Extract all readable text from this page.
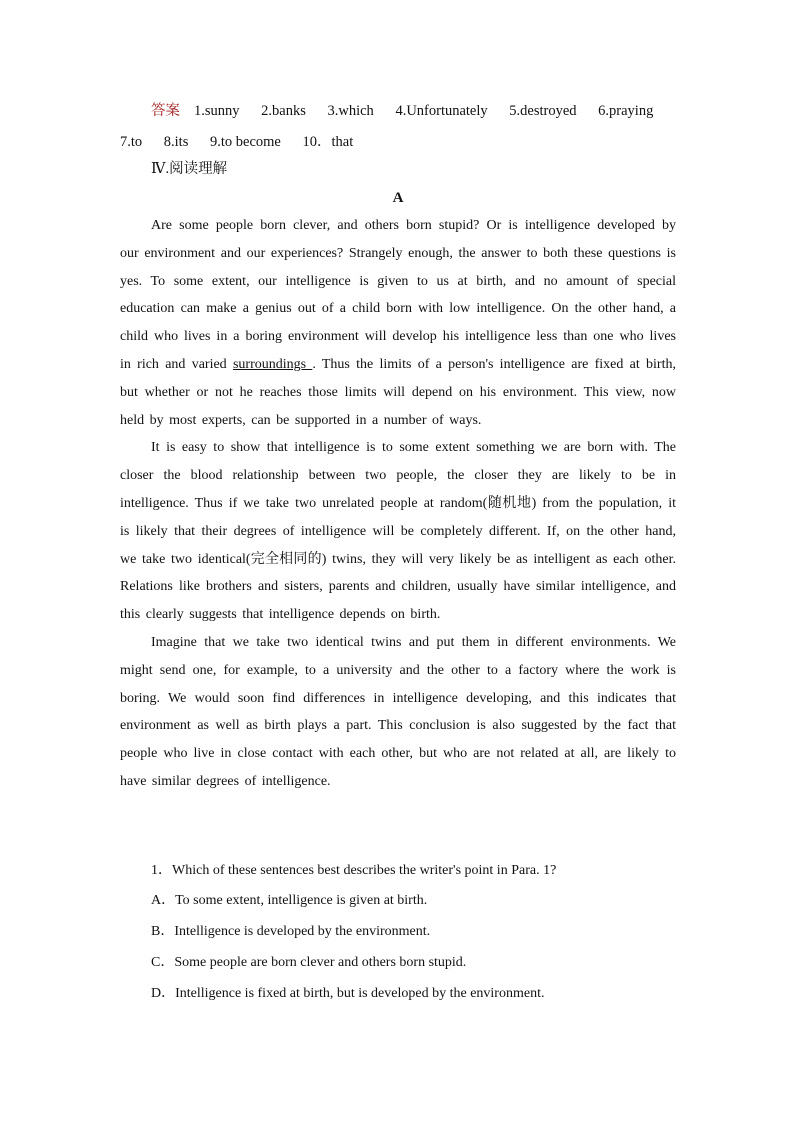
答案 1.sunny 2.banks 3.which 4.Unfortunately 5.destroyed 6.praying 7.to 8.its 9.to become 10．that
Ⅳ.阅读理解
A

Are some people born clever, and others born stupid? Or is intelligence developed by our environment and our experiences? Strangely enough, the answer to both these questions is yes. To some extent, our intelligence is given to us at birth, and no amount of special education can make a genius out of a child born with low intelligence. On the other hand, a child who lives in a boring environment will develop his intelligence less than one who lives in rich and varied surroundings . Thus the limits of a person's intelligence are fixed at birth, but whether or not he reaches those limits will depend on his environment. This view, now held by most experts, can be supported in a number of ways.

It is easy to show that intelligence is to some extent something we are born with. The closer the blood relationship between two people, the closer they are likely to be in intelligence. Thus if we take two unrelated people at random(随机地) from the population, it is likely that their degrees of intelligence will be completely different. If, on the other hand, we take two identical(完全相同的) twins, they will very likely be as intelligent as each other. Relations like brothers and sisters, parents and children, usually have similar intelligence, and this clearly suggests that intelligence depends on birth.

Imagine that we take two identical twins and put them in different environments. We might send one, for example, to a university and the other to a factory where the work is boring. We would soon find differences in intelligence developing, and this indicates that environment as well as birth plays a part. This conclusion is also suggested by the fact that people who live in close contact with each other, but who are not related at all, are likely to have similar degrees of intelligence.

1．Which of these sentences best describes the writer's point in Para. 1?

A．To some extent, intelligence is given at birth.

B．Intelligence is developed by the environment.

C．Some people are born clever and others born stupid.

D．Intelligence is fixed at birth, but is developed by the environment.
